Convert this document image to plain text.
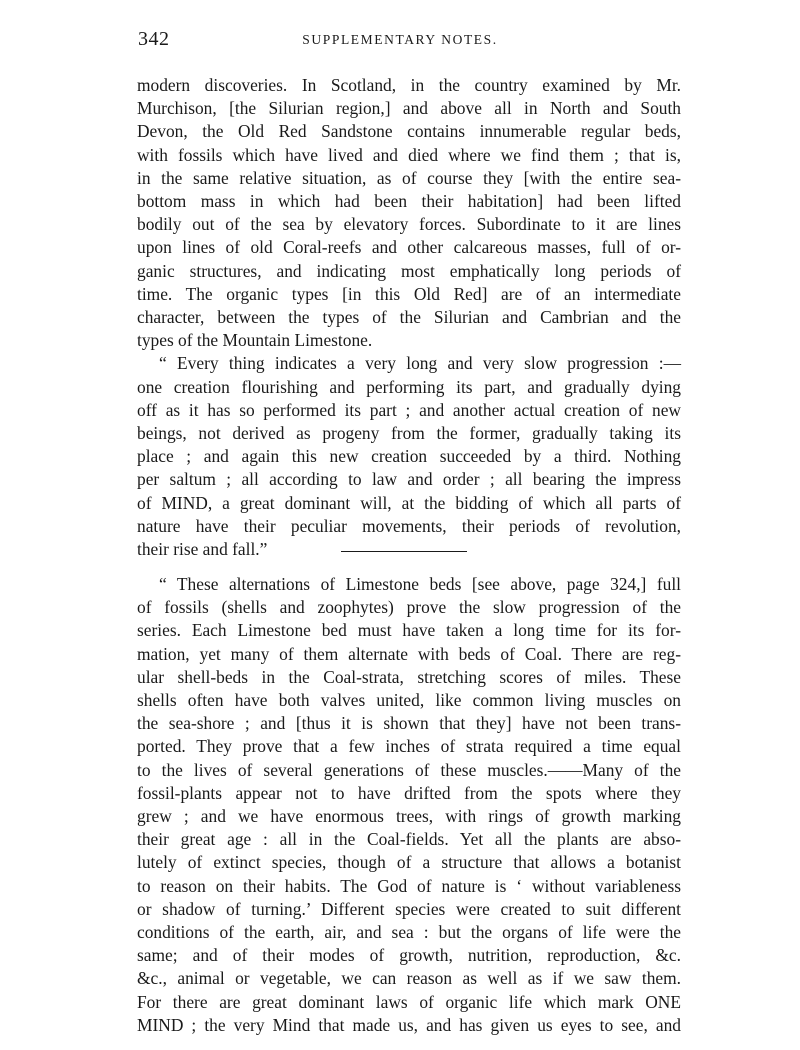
342	SUPPLEMENTARY NOTES.
modern discoveries. In Scotland, in the country examined by Mr.
Murchison, [the Silurian region,] and above all in North and South
Devon, the Old Red Sandstone contains innumerable regular beds,
with fossils which have lived and died where we find them ; that is,
in the same relative situation, as of course they [with the entire sea-
bottom mass in which had been their habitation] had been lifted
bodily out of the sea by elevatory forces. Subordinate to it are lines
upon lines of old Coral-reefs and other calcareous masses, full of or-
ganic structures, and indicating most emphatically long periods of
time. The organic types [in this Old Red] are of an intermediate
character, between the types of the Silurian and Cambrian and the
types of the Mountain Limestone.
“ Every thing indicates a very long and very slow progression :—
one creation flourishing and performing its part, and gradually dying
off as it has so performed its part ; and another actual creation of new
beings, not derived as progeny from the former, gradually taking its
place ; and again this new creation succeeded by a third. Nothing
per saltum ; all according to law and order ; all bearing the impress
of MIND, a great dominant will, at the bidding of which all parts of
nature have their peculiar movements, their periods of revolution,
their rise and fall.”
“ These alternations of Limestone beds [see above, page 324,] full
of fossils (shells and zoophytes) prove the slow progression of the
series. Each Limestone bed must have taken a long time for its for-
mation, yet many of them alternate with beds of Coal. There are reg-
ular shell-beds in the Coal-strata, stretching scores of miles. These
shells often have both valves united, like common living muscles on
the sea-shore ; and [thus it is shown that they] have not been trans-
ported. They prove that a few inches of strata required a time equal
to the lives of several generations of these muscles.——Many of the
fossil-plants appear not to have drifted from the spots where they
grew ; and we have enormous trees, with rings of growth marking
their great age : all in the Coal-fields. Yet all the plants are abso-
lutely of extinct species, though of a structure that allows a botanist
to reason on their habits. The God of nature is ‘ without variableness
or shadow of turning.’ Different species were created to suit different
conditions of the earth, air, and sea : but the organs of life were the
same; and of their modes of growth, nutrition, reproduction, &c.
&c., animal or vegetable, we can reason as well as if we saw them.
For there are great dominant laws of organic life which mark ONE
MIND ; the very Mind that made us, and has given us eyes to see, and
